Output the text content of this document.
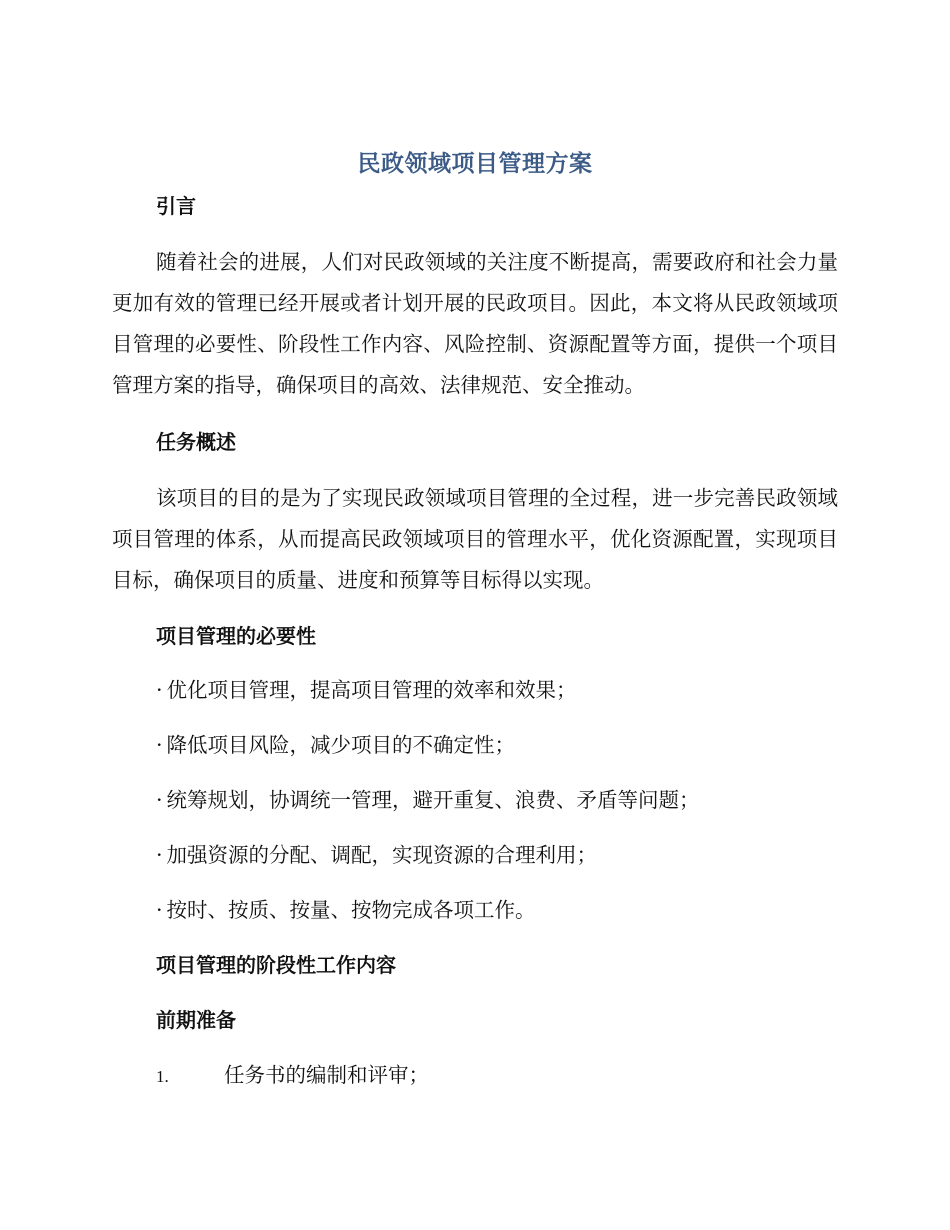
民政领域项目管理方案
引言
随着社会的进展，人们对民政领域的关注度不断提高，需要政府和社会力量更加有效的管理已经开展或者计划开展的民政项目。因此，本文将从民政领域项目管理的必要性、阶段性工作内容、风险控制、资源配置等方面，提供一个项目管理方案的指导，确保项目的高效、法律规范、安全推动。
任务概述
该项目的目的是为了实现民政领域项目管理的全过程，进一步完善民政领域项目管理的体系，从而提高民政领域项目的管理水平，优化资源配置，实现项目目标，确保项目的质量、进度和预算等目标得以实现。
项目管理的必要性
· 优化项目管理，提高项目管理的效率和效果；
· 降低项目风险，减少项目的不确定性；
· 统筹规划，协调统一管理，避开重复、浪费、矛盾等问题；
· 加强资源的分配、调配，实现资源的合理利用；
· 按时、按质、按量、按物完成各项工作。
项目管理的阶段性工作内容
前期准备
1.	任务书的编制和评审；
